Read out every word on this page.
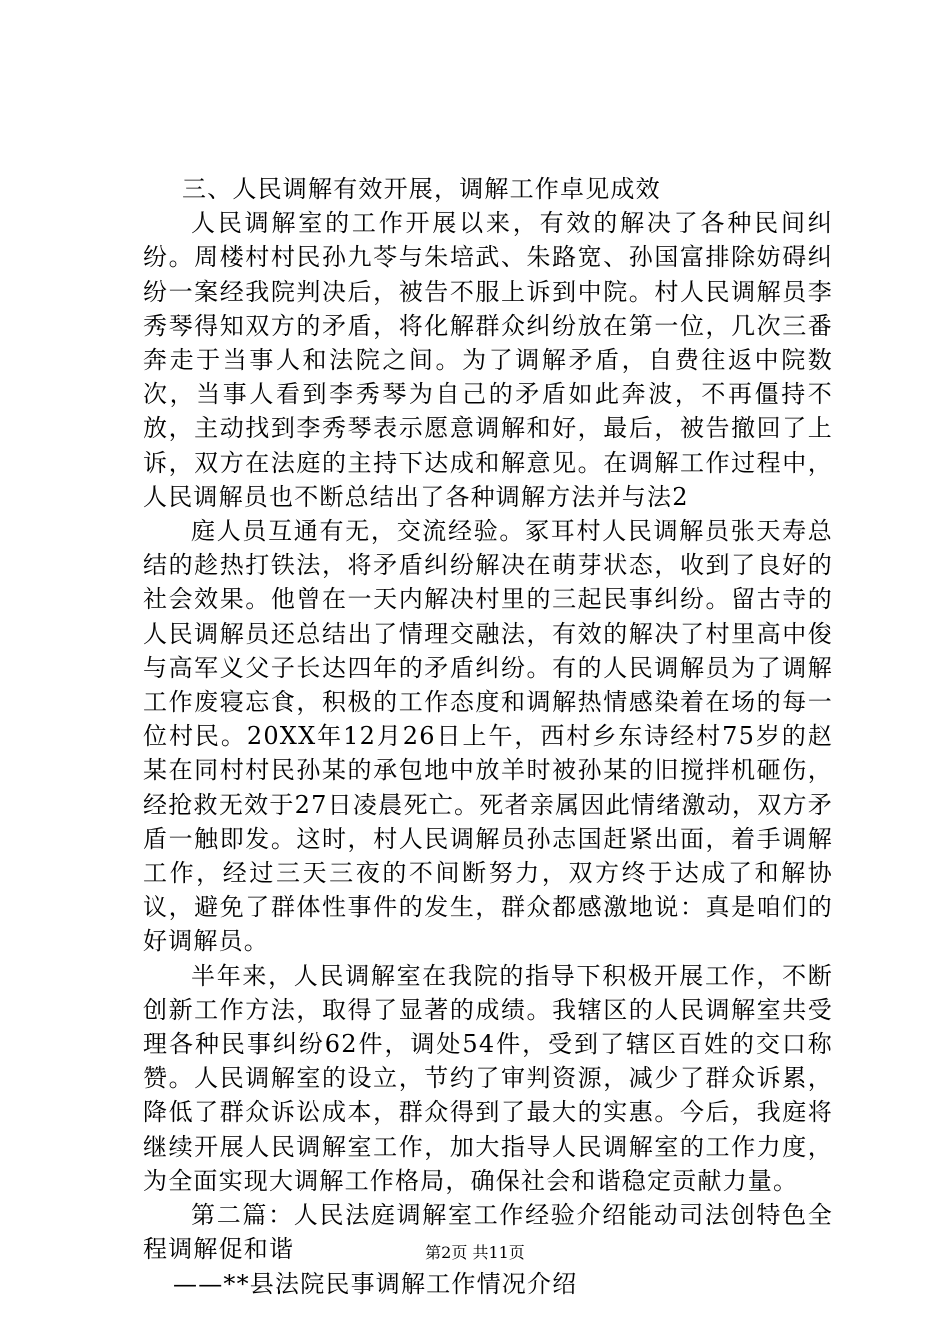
三、人民调解有效开展，调解工作卓见成效

人民调解室的工作开展以来，有效的解决了各种民间纠纷。周楼村村民孙九苓与朱培武、朱路宽、孙国富排除妨碍纠纷一案经我院判决后，被告不服上诉到中院。村人民调解员李秀琴得知双方的矛盾，将化解群众纠纷放在第一位，几次三番奔走于当事人和法院之间。为了调解矛盾，自费往返中院数次，当事人看到李秀琴为自己的矛盾如此奔波，不再僵持不放，主动找到李秀琴表示愿意调解和好，最后，被告撤回了上诉，双方在法庭的主持下达成和解意见。在调解工作过程中，人民调解员也不断总结出了各种调解方法并与法2

庭人员互通有无，交流经验。冢耳村人民调解员张天寿总结的趁热打铁法，将矛盾纠纷解决在萌芽状态，收到了良好的社会效果。他曾在一天内解决村里的三起民事纠纷。留古寺的人民调解员还总结出了情理交融法，有效的解决了村里高中俊与高军义父子长达四年的矛盾纠纷。有的人民调解员为了调解工作废寝忘食，积极的工作态度和调解热情感染着在场的每一位村民。20XX年12月26日上午，西村乡东诗经村75岁的赵某在同村村民孙某的承包地中放羊时被孙某的旧搅拌机砸伤，经抢救无效于27日凌晨死亡。死者亲属因此情绪激动，双方矛盾一触即发。这时，村人民调解员孙志国赶紧出面，着手调解工作，经过三天三夜的不间断努力，双方终于达成了和解协议，避免了群体性事件的发生，群众都感激地说：真是咱们的好调解员。

半年来，人民调解室在我院的指导下积极开展工作，不断创新工作方法，取得了显著的成绩。我辖区的人民调解室共受理各种民事纠纷62件，调处54件，受到了辖区百姓的交口称赞。人民调解室的设立，节约了审判资源，减少了群众诉累，降低了群众诉讼成本，群众得到了最大的实惠。今后，我庭将继续开展人民调解室工作，加大指导人民调解室的工作力度，为全面实现大调解工作格局，确保社会和谐稳定贡献力量。

第二篇：人民法庭调解室工作经验介绍能动司法创特色全程调解促和谐

——**县法院民事调解工作情况介绍

第2页 共11页
